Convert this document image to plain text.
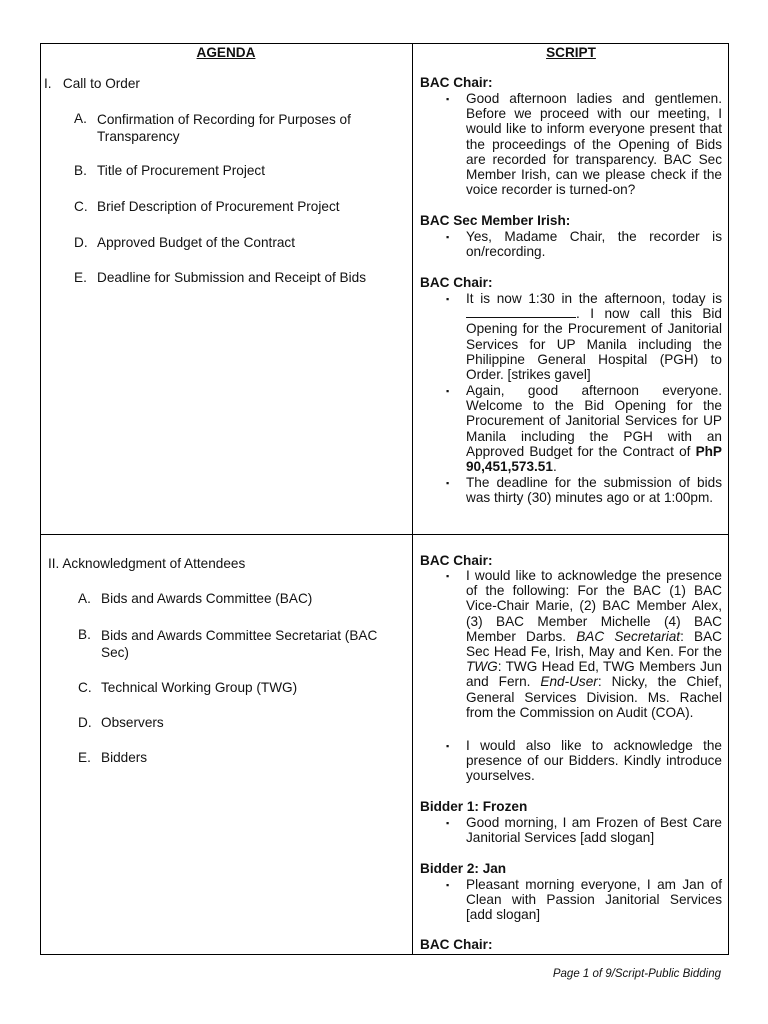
AGENDA	SCRIPT
I.   Call to Order
A. Confirmation of Recording for Purposes of Transparency
B. Title of Procurement Project
C. Brief Description of Procurement Project
D. Approved Budget of the Contract
E. Deadline for Submission and Receipt of Bids
II. Acknowledgment of Attendees
A. Bids and Awards Committee (BAC)
B. Bids and Awards Committee Secretariat (BAC Sec)
C. Technical Working Group (TWG)
D. Observers
E. Bidders
BAC Chair:
▪ Good afternoon ladies and gentlemen. Before we proceed with our meeting, I would like to inform everyone present that the proceedings of the Opening of Bids are recorded for transparency. BAC Sec Member Irish, can we please check if the voice recorder is turned-on?
BAC Sec Member Irish:
▪ Yes, Madame Chair, the recorder is on/recording.
BAC Chair:
▪ It is now 1:30 in the afternoon, today is . I now call this Bid Opening for the Procurement of Janitorial Services for UP Manila including the Philippine General Hospital (PGH) to Order. [strikes gavel]
▪ Again, good afternoon everyone. Welcome to the Bid Opening for the Procurement of Janitorial Services for UP Manila including the PGH with an Approved Budget for the Contract of PhP 90,451,573.51.
▪ The deadline for the submission of bids was thirty (30) minutes ago or at 1:00pm.
BAC Chair:
▪ I would like to acknowledge the presence of the following: For the BAC (1) BAC Vice-Chair Marie, (2) BAC Member Alex, (3) BAC Member Michelle (4) BAC Member Darbs. BAC Secretariat: BAC Sec Head Fe, Irish, May and Ken. For the TWG: TWG Head Ed, TWG Members Jun and Fern. End-User: Nicky, the Chief, General Services Division. Ms. Rachel from the Commission on Audit (COA).
▪ I would also like to acknowledge the presence of our Bidders. Kindly introduce yourselves.
Bidder 1: Frozen
▪ Good morning, I am Frozen of Best Care Janitorial Services [add slogan]
Bidder 2: Jan
▪ Pleasant morning everyone, I am Jan of Clean with Passion Janitorial Services [add slogan]
BAC Chair:
Page 1 of 9/Script-Public Bidding
